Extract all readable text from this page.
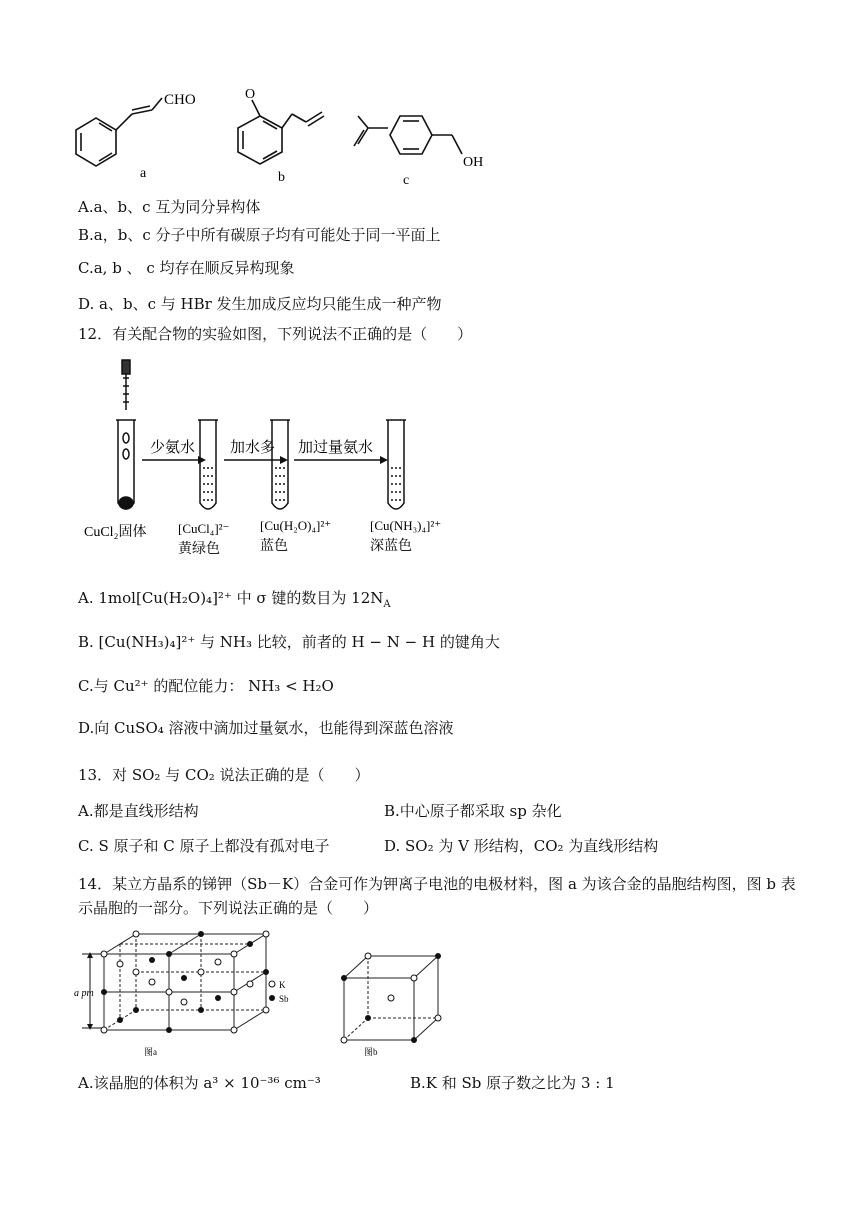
CHO
a
O
b
OH
c
A.a、b、c 互为同分异构体
B.a，b、c 分子中所有碳原子均有可能处于同一平面上
C.a, b 、 c 均存在顺反异构现象
D. a、b、c 与 HBr 发生加成反应均只能生成一种产物
12．有关配合物的实验如图，下列说法不正确的是（　　）
少氨水 加水多 加过量氨水
CuCl₂固体 [CuCl₄]²⁻
黄绿色
[Cu(H₂O)₄]²⁺
蓝色
[Cu(NH₃)₄]²⁺
深蓝色
A. 1mol[Cu(H₂O)₄]²⁺ 中 σ 键的数目为 $12N_A$
B. [Cu(NH₃)₄]²⁺ 与 NH₃ 比较，前者的 H − N − H 的键角大
C.与 Cu²⁺ 的配位能力： NH₃ < H₂O
D.向 CuSO₄ 溶液中滴加过量氨水，也能得到深蓝色溶液
13．对 SO₂ 与 CO₂ 说法正确的是（　　）
A.都是直线形结构	B.中心原子都采取 sp 杂化
C. S 原子和 C 原子上都没有孤对电子	D. SO₂ 为 V 形结构，CO₂ 为直线形结构
14．某立方晶系的锑钾（Sb－K）合金可作为钾离子电池的电极材料，图 a 为该合金的晶胞结构图，图 b 表
示晶胞的一部分。下列说法正确的是（　　）
a pm
K
Sb
图a	图b
A.该晶胞的体积为 a³ × 10⁻³⁶ cm⁻³	B.K 和 Sb 原子数之比为 3 : 1
